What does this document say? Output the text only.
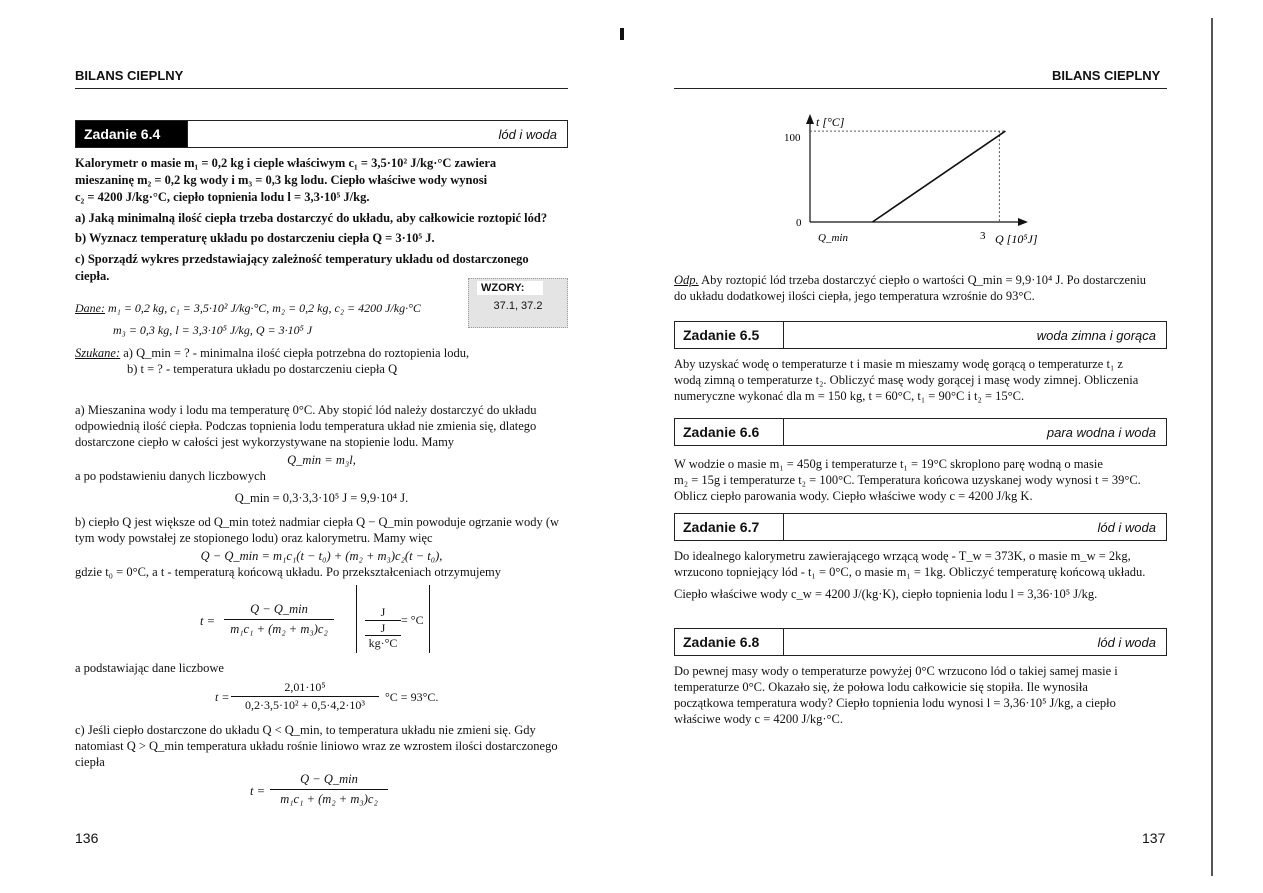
BILANS CIEPLNY
Zadanie 6.4	lód i woda
Kalorymetr o masie m₁ = 0,2 kg i cieple właściwym c₁ = 3,5·10² J/kg·°C zawiera
mieszaninę m₂ = 0,2 kg wody i m₃ = 0,3 kg lodu. Ciepło właściwe wody wynosi
c₂ = 4200 J/kg·°C, ciepło topnienia lodu l = 3,3·10⁵ J/kg.
a) Jaką minimalną ilość ciepła trzeba dostarczyć do układu, aby całkowicie roztopić lód?
b) Wyznacz temperaturę układu po dostarczeniu ciepła Q = 3·10⁵ J.
c) Sporządź wykres przedstawiający zależność temperatury układu od dostarczonego
ciepła.
WZORY:
37.1, 37.2
Dane: m₁ = 0,2 kg, c₁ = 3,5·10² J/kg·°C, m₂ = 0,2 kg, c₂ = 4200 J/kg·°C
m₃ = 0,3 kg, l = 3,3·10⁵ J/kg, Q = 3·10⁵ J
Szukane: a) Q_min = ? - minimalna ilość ciepła potrzebna do roztopienia lodu,
b) t = ? - temperatura układu po dostarczeniu ciepła Q
a) Mieszanina wody i lodu ma temperaturę 0°C. Aby stopić lód należy dostarczyć do układu
odpowiednią ilość ciepła. Podczas topnienia lodu temperatura układ nie zmienia się, dlatego
dostarczone ciepło w całości jest wykorzystywane na stopienie lodu. Mamy
Q_min = m₃l,
a po podstawieniu danych liczbowych
Q_min = 0,3·3,3·10⁵ J = 9,9·10⁴ J.
b) ciepło Q jest większe od Q_min toteż nadmiar ciepła Q − Q_min powoduje ogrzanie wody (w
tym wody powstałej ze stopionego lodu) oraz kalorymetru. Mamy więc
Q − Q_min = m₁c₁(t − t₀) + (m₂ + m₃)c₂(t − t₀),
gdzie t₀ = 0°C, a t - temperaturą końcową układu. Po przekształceniach otrzymujemy
t =
Q − Q_min
m₁c₁ + (m₂ + m₃)c₂
J
J
kg·°C
= °C
a podstawiając dane liczbowe
t =
2,01·10⁵
0,2·3,5·10² + 0,5·4,2·10³
°C = 93°C.
c) Jeśli ciepło dostarczone do układu Q < Q_min, to temperatura układu nie zmieni się. Gdy
natomiast Q > Q_min temperatura układu rośnie liniowo wraz ze wzrostem ilości dostarczonego
ciepła
t =
Q − Q_min
m₁c₁ + (m₂ + m₃)c₂
136
BILANS CIEPLNY
t [°C]
Q [10⁵J]
0
100
Q_min	3
Odp. Aby roztopić lód trzeba dostarczyć ciepło o wartości Q_min = 9,9·10⁴ J. Po dostarczeniu
do układu dodatkowej ilości ciepła, jego temperatura wzrośnie do 93°C.
Zadanie 6.5	woda zimna i gorąca
Aby uzyskać wodę o temperaturze t i masie m mieszamy wodę gorącą o temperaturze t₁ z
wodą zimną o temperaturze t₂. Obliczyć masę wody gorącej i masę wody zimnej. Obliczenia
numeryczne wykonać dla m = 150 kg, t = 60°C, t₁ = 90°C i t₂ = 15°C.
Zadanie 6.6	para wodna i woda
W wodzie o masie m₁ = 450g i temperaturze t₁ = 19°C skroplono parę wodną o masie
m₂ = 15g i temperaturze t₂ = 100°C. Temperatura końcowa uzyskanej wody wynosi t = 39°C.
Oblicz ciepło parowania wody. Ciepło właściwe wody c = 4200 J/kg K.
Zadanie 6.7	lód i woda
Do idealnego kalorymetru zawierającego wrzącą wodę - T_w = 373K, o masie m_w = 2kg,
wrzucono topniejący lód - t₁ = 0°C, o masie m₁ = 1kg. Obliczyć temperaturę końcową układu.
Ciepło właściwe wody c_w = 4200 J/(kg·K), ciepło topnienia lodu l = 3,36·10⁵ J/kg.
Zadanie 6.8	lód i woda
Do pewnej masy wody o temperaturze powyżej 0°C wrzucono lód o takiej samej masie i
temperaturze 0°C. Okazało się, że połowa lodu całkowicie się stopiła. Ile wynosiła
początkowa temperatura wody? Ciepło topnienia lodu wynosi l = 3,36·10⁵ J/kg, a ciepło
właściwe wody c = 4200 J/kg·°C.
137
